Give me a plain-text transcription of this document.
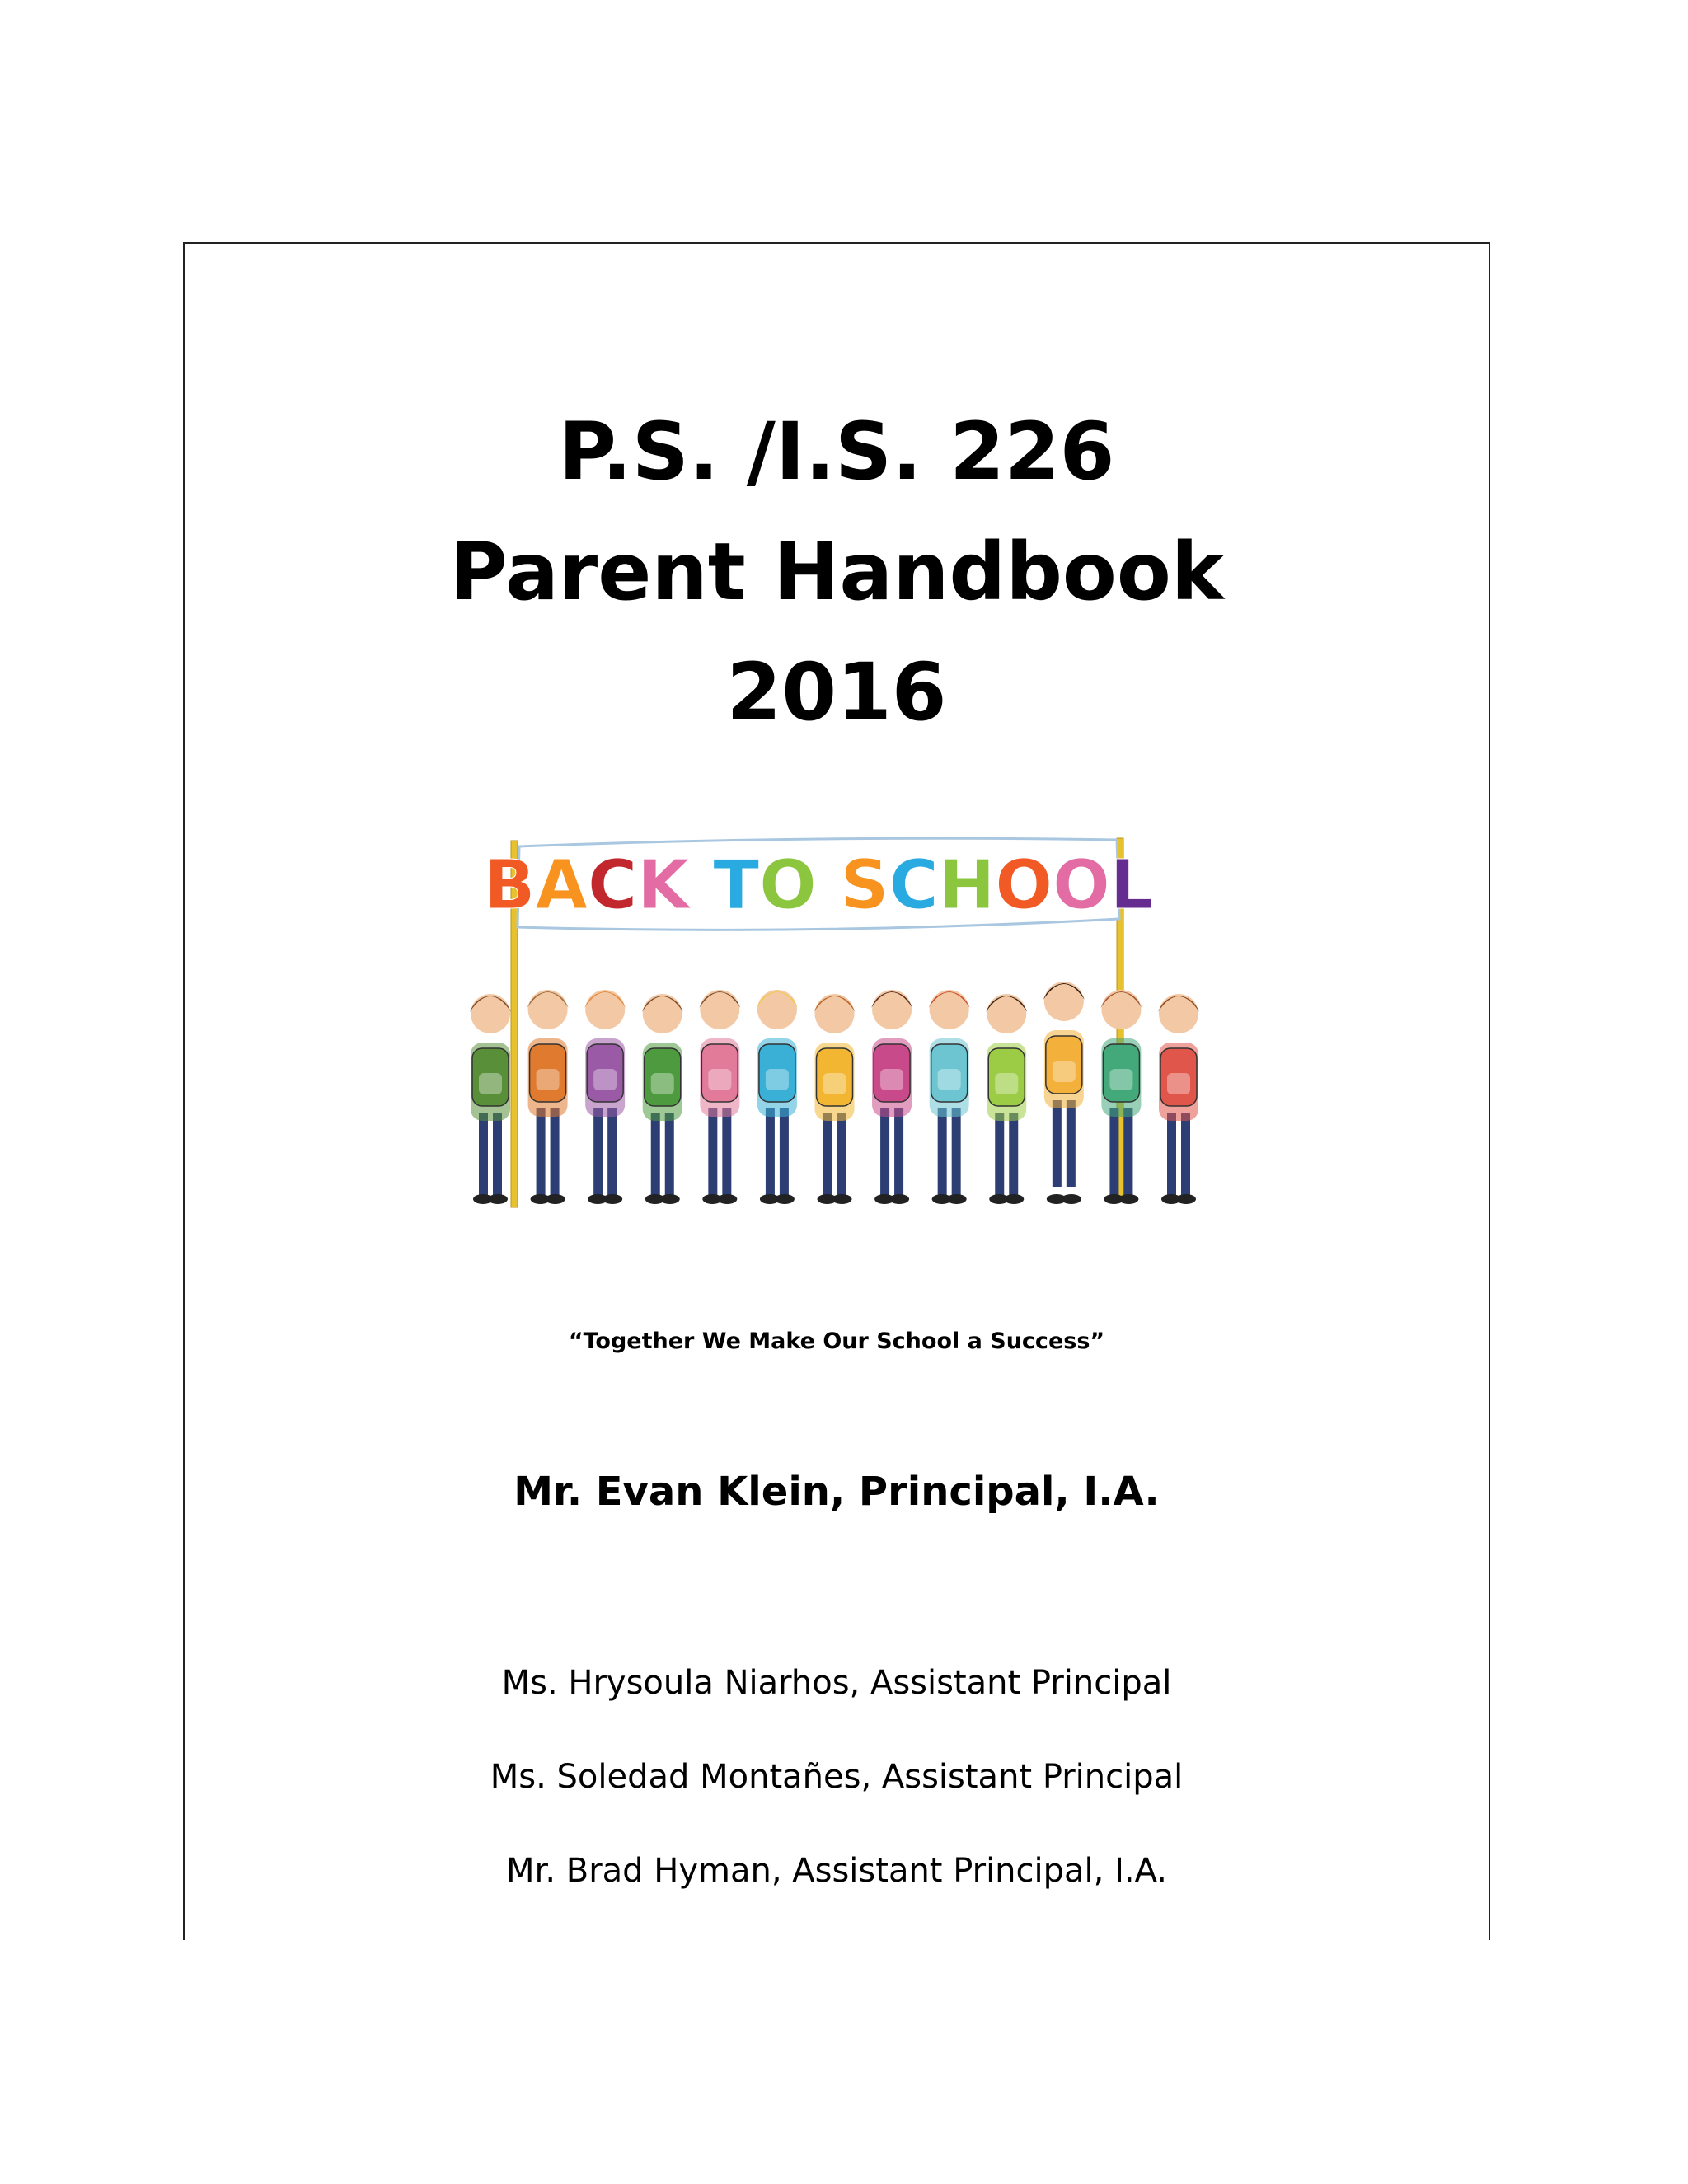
P.S. /I.S. 226
Parent Handbook
2016
BACK TO SCHOOL
“Together We Make Our School a Success”
Mr. Evan Klein, Principal, I.A.
Ms. Hrysoula Niarhos, Assistant Principal
Ms. Soledad Montañes, Assistant Principal
Mr. Brad Hyman, Assistant Principal, I.A.
